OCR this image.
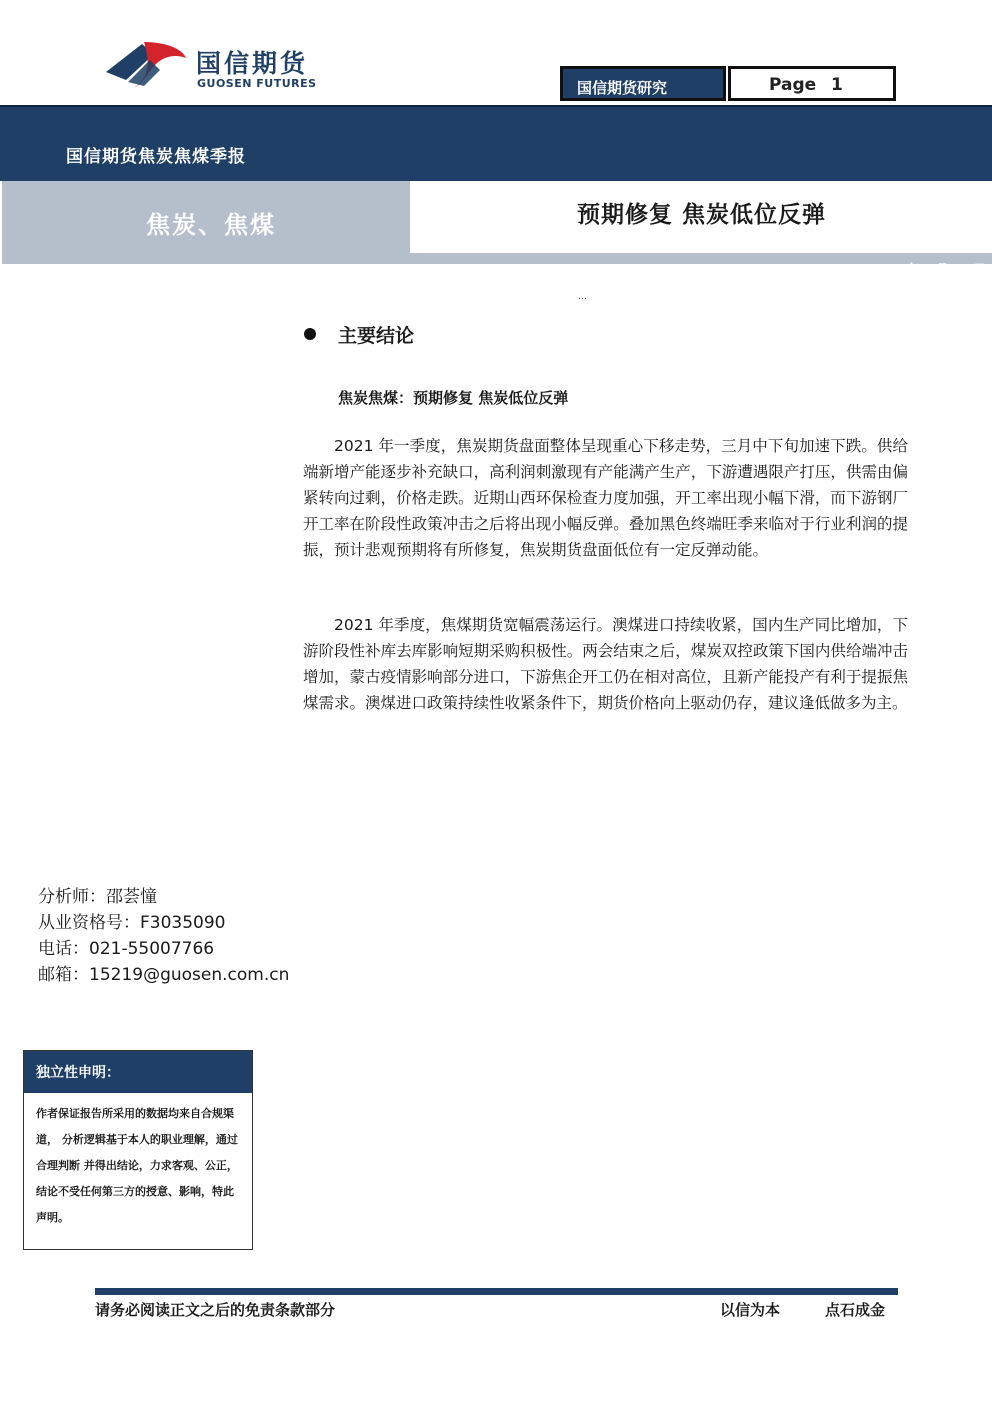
国信期货
GUOSEN FUTURES	国信期货研究	Page 1
国信期货焦炭焦煤季报
焦炭、焦煤	预期修复 焦炭低位反弹
2021 年 3 月 28 日
…
主要结论
焦炭焦煤：预期修复 焦炭低位反弹

2021 年一季度，焦炭期货盘面整体呈现重心下移走势，三月中下旬加速下跌。供给端新增产能逐步补充缺口，高利润刺激现有产能满产生产，下游遭遇限产打压，供需由偏紧转向过剩，价格走跌。近期山西环保检查力度加强，开工率出现小幅下滑，而下游钢厂开工率在阶段性政策冲击之后将出现小幅反弹。叠加黑色终端旺季来临对于行业利润的提振，预计悲观预期将有所修复，焦炭期货盘面低位有一定反弹动能。

2021 年季度，焦煤期货宽幅震荡运行。澳煤进口持续收紧，国内生产同比增加，下游阶段性补库去库影响短期采购积极性。两会结束之后，煤炭双控政策下国内供给端冲击增加，蒙古疫情影响部分进口，下游焦企开工仍在相对高位，且新产能投产有利于提振焦煤需求。澳煤进口政策持续性收紧条件下，期货价格向上驱动仍存，建议逢低做多为主。

分析师：邵荟憧
从业资格号：F3035090
电话：021-55007766
邮箱：15219@guosen.com.cn
独立性申明：
作者保证报告所采用的数据均来自合规渠道， 分析逻辑基于本人的职业理解，通过合理判断 并得出结论，力求客观、公正，结论不受任何第三方的授意、影响，特此声明。
请务必阅读正文之后的免责条款部分	以信为本	点石成金
